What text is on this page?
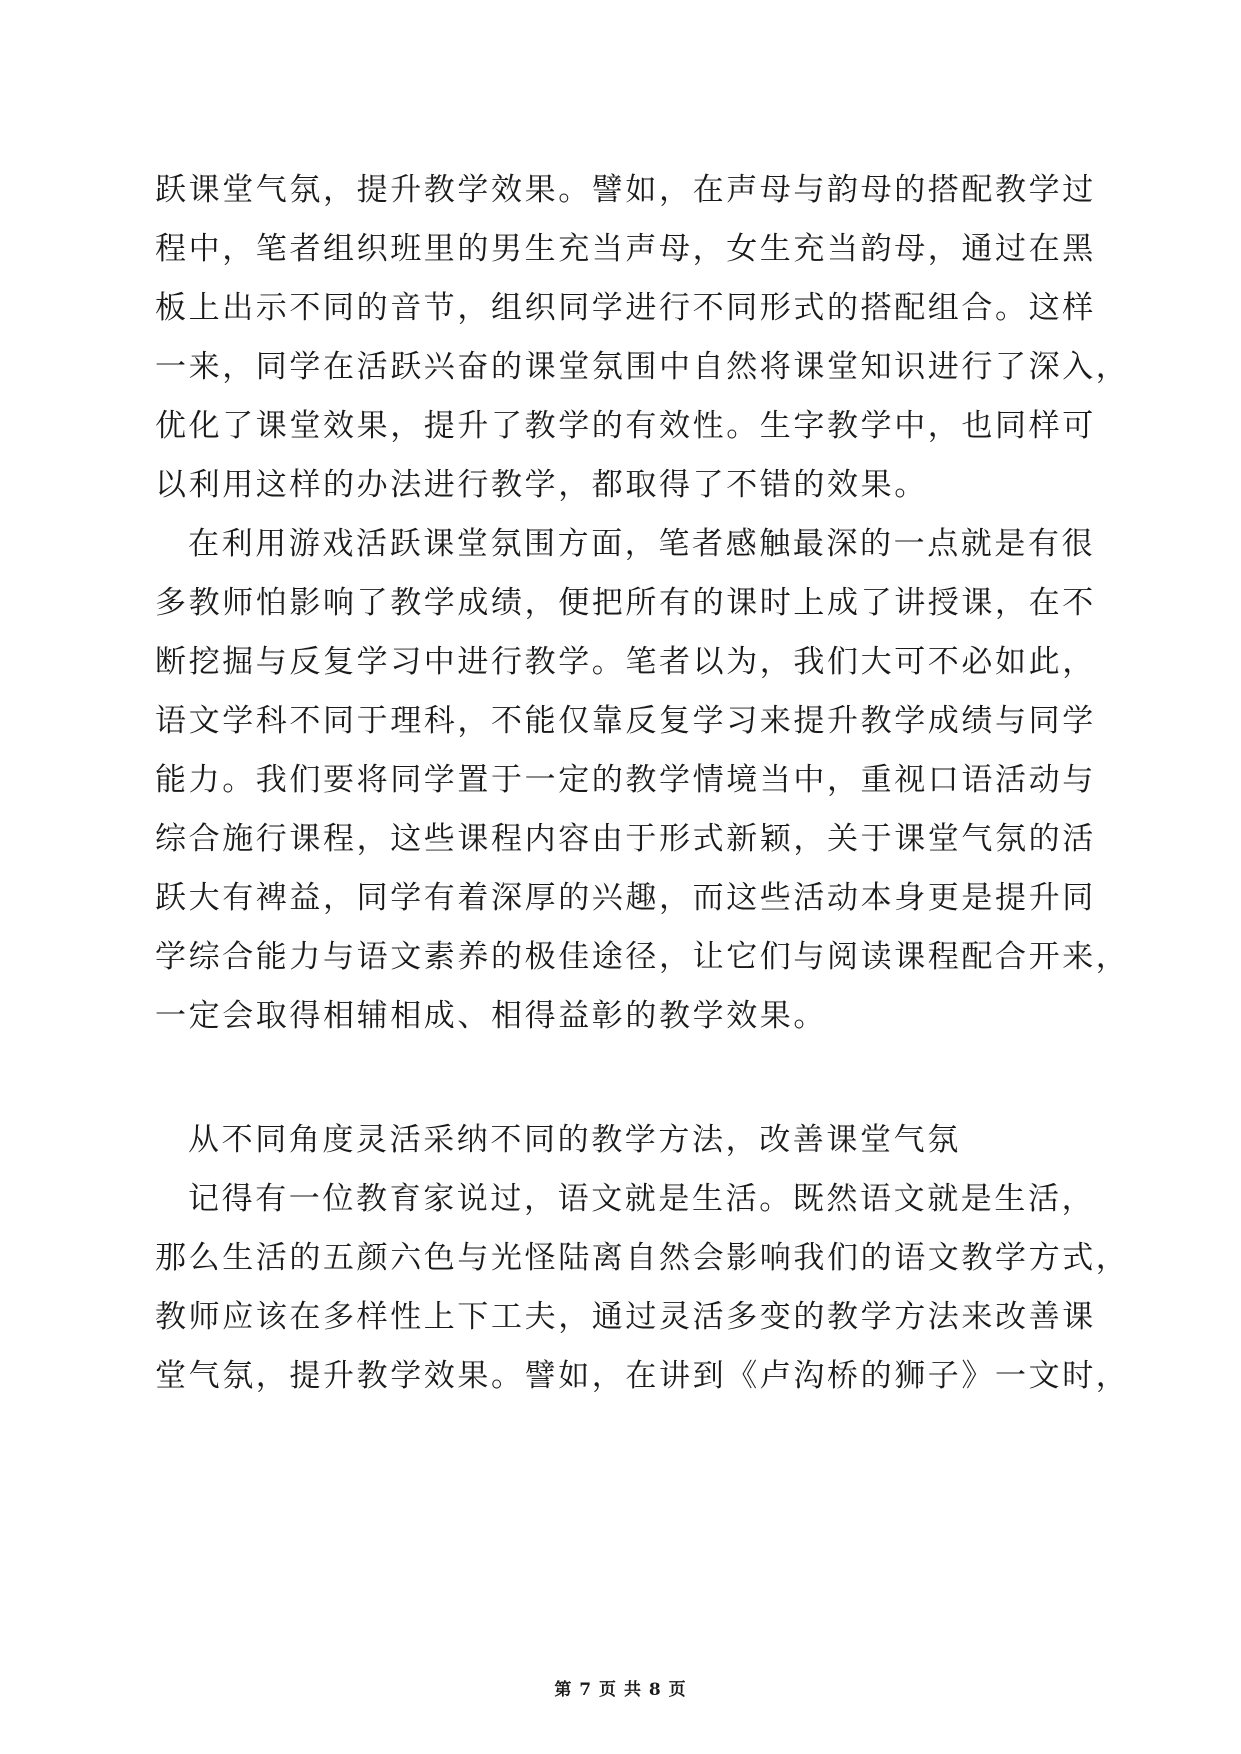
跃课堂气氛，提升教学效果。譬如，在声母与韵母的搭配教学过
程中，笔者组织班里的男生充当声母，女生充当韵母，通过在黑
板上出示不同的音节，组织同学进行不同形式的搭配组合。这样
一来，同学在活跃兴奋的课堂氛围中自然将课堂知识进行了深入，
优化了课堂效果，提升了教学的有效性。生字教学中，也同样可
以利用这样的办法进行教学，都取得了不错的效果。
在利用游戏活跃课堂氛围方面，笔者感触最深的一点就是有很
多教师怕影响了教学成绩，便把所有的课时上成了讲授课，在不
断挖掘与反复学习中进行教学。笔者以为，我们大可不必如此，
语文学科不同于理科，不能仅靠反复学习来提升教学成绩与同学
能力。我们要将同学置于一定的教学情境当中，重视口语活动与
综合施行课程，这些课程内容由于形式新颖，关于课堂气氛的活
跃大有裨益，同学有着深厚的兴趣，而这些活动本身更是提升同
学综合能力与语文素养的极佳途径，让它们与阅读课程配合开来，
一定会取得相辅相成、相得益彰的教学效果。
从不同角度灵活采纳不同的教学方法，改善课堂气氛
记得有一位教育家说过，语文就是生活。既然语文就是生活，
那么生活的五颜六色与光怪陆离自然会影响我们的语文教学方式，
教师应该在多样性上下工夫，通过灵活多变的教学方法来改善课
堂气氛，提升教学效果。譬如，在讲到《卢沟桥的狮子》一文时，
第 7 页 共 8 页
